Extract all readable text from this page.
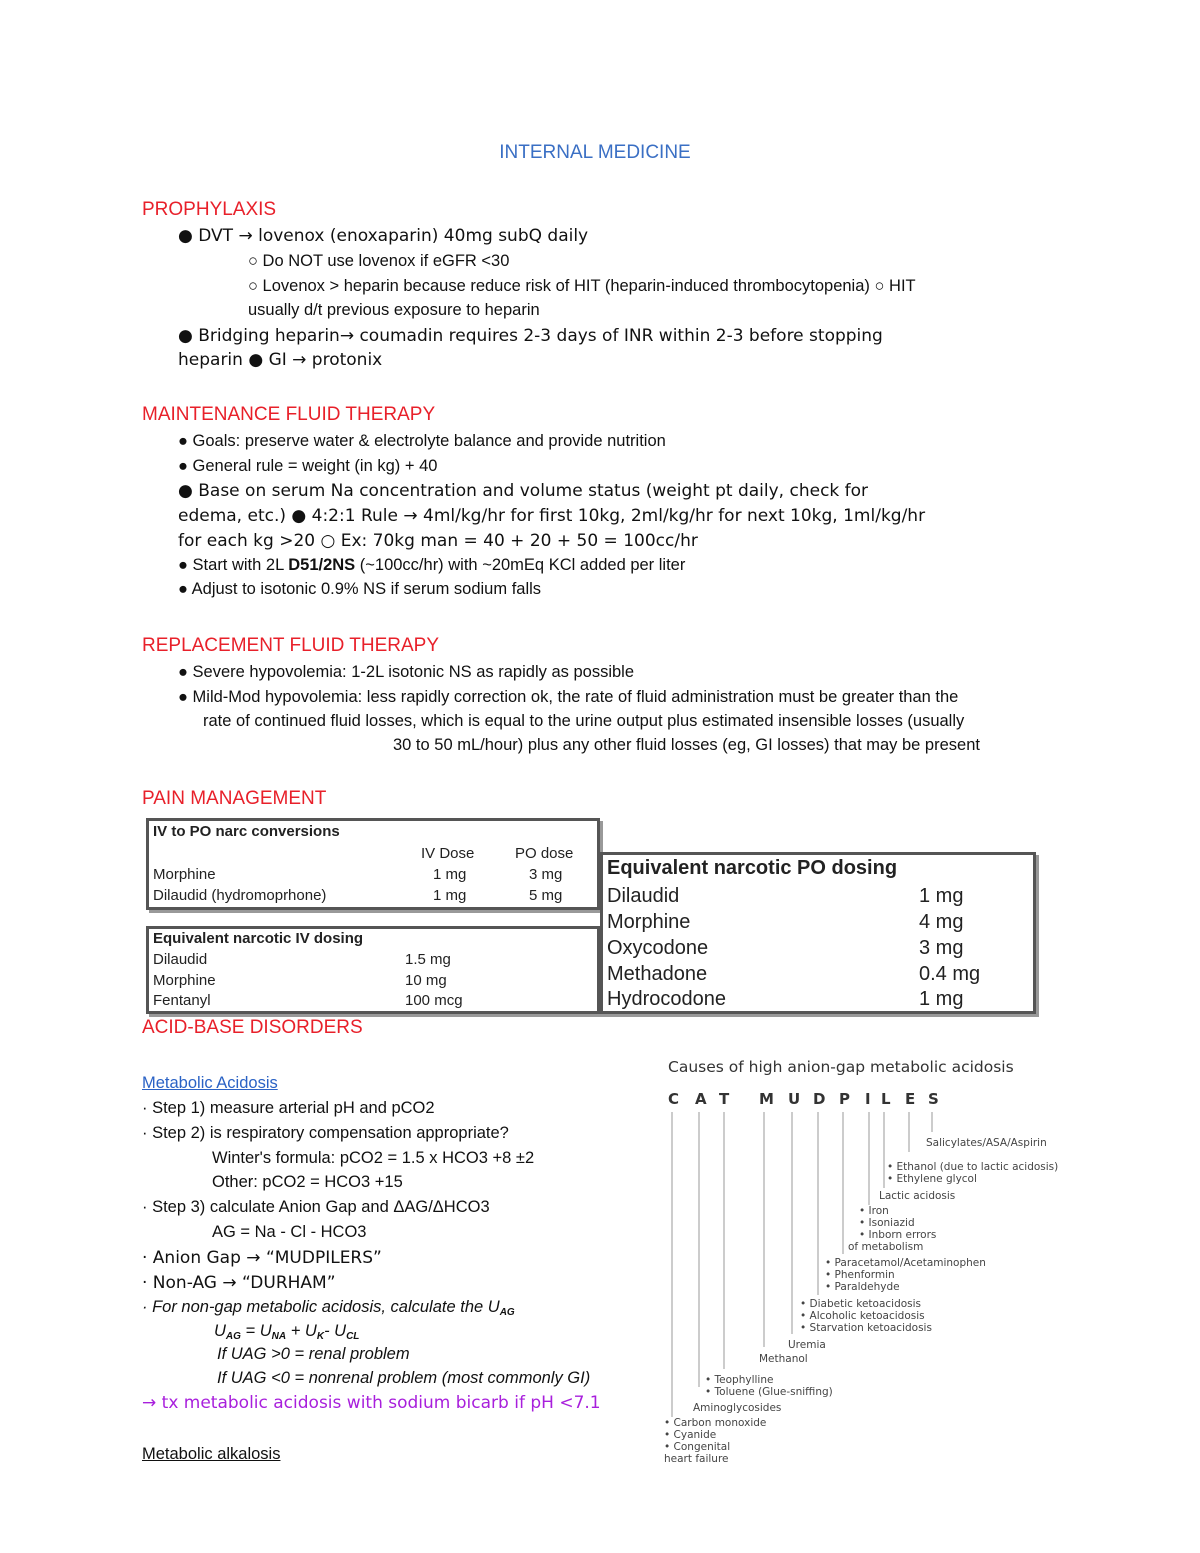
INTERNAL MEDICINE
PROPHYLAXIS
● DVT → lovenox (enoxaparin) 40mg subQ daily
○ Do NOT use lovenox if eGFR <30
○ Lovenox > heparin because reduce risk of HIT (heparin-induced thrombocytopenia) ○ HIT
usually d/t previous exposure to heparin
● Bridging heparin→ coumadin requires 2-3 days of INR within 2-3 before stopping
heparin ● GI → protonix
MAINTENANCE FLUID THERAPY
● Goals: preserve water & electrolyte balance and provide nutrition
● General rule = weight (in kg) + 40
● Base on serum Na concentration and volume status (weight pt daily, check for
edema, etc.) ● 4:2:1 Rule → 4ml/kg/hr for first 10kg, 2ml/kg/hr for next 10kg, 1ml/kg/hr
for each kg >20 ○ Ex: 70kg man = 40 + 20 + 50 = 100cc/hr
● Start with 2L D51/2NS (~100cc/hr) with ~20mEq KCl added per liter
● Adjust to isotonic 0.9% NS if serum sodium falls
REPLACEMENT FLUID THERAPY
● Severe hypovolemia: 1-2L isotonic NS as rapidly as possible
● Mild-Mod hypovolemia: less rapidly correction ok, the rate of fluid administration must be greater than the
rate of continued fluid losses, which is equal to the urine output plus estimated insensible losses (usually
30 to 50 mL/hour) plus any other fluid losses (eg, GI losses) that may be present
PAIN MANAGEMENT
IV to PO narc conversions
IV Dose	PO dose
Morphine	1 mg	3 mg
Dilaudid (hydromoprhone)	1 mg	5 mg
Equivalent narcotic IV dosing
Dilaudid	1.5 mg
Morphine	10 mg
Fentanyl	100 mcg
Equivalent narcotic PO dosing
Dilaudid	1 mg
Morphine	4 mg
Oxycodone	3 mg
Methadone	0.4 mg
Hydrocodone	1 mg
ACID-BASE DISORDERS
Metabolic Acidosis
· Step 1) measure arterial pH and pCO2
· Step 2) is respiratory compensation appropriate?
Winter's formula: pCO2 = 1.5 x HCO3 +8 ±2
Other: pCO2 = HCO3 +15
· Step 3) calculate Anion Gap and ΔAG/ΔHCO3
AG = Na - Cl - HCO3
· Anion Gap → “MUDPILERS”
· Non-AG → “DURHAM”
· For non-gap metabolic acidosis, calculate the $U_{AG}$
$U_{AG} = U_{NA} + U_K-$ $U_{CL}$
If UAG >0 = renal problem
If UAG <0 = nonrenal problem (most commonly GI)
→ tx metabolic acidosis with sodium bicarb if pH <7.1
Metabolic alkalosis
Causes of high anion-gap metabolic acidosis
C A T M U D P I L E S
Salicylates/ASA/Aspirin
• Ethanol (due to lactic acidosis)
• Ethylene glycol
Lactic acidosis
• Iron
• Isoniazid
• Inborn errors
of metabolism
• Paracetamol/Acetaminophen
• Phenformin
• Paraldehyde
• Diabetic ketoacidosis
• Alcoholic ketoacidosis
• Starvation ketoacidosis
Uremia
Methanol
• Teophylline
• Toluene (Glue-sniffing)
Aminoglycosides
• Carbon monoxide
• Cyanide
• Congenital
heart failure
